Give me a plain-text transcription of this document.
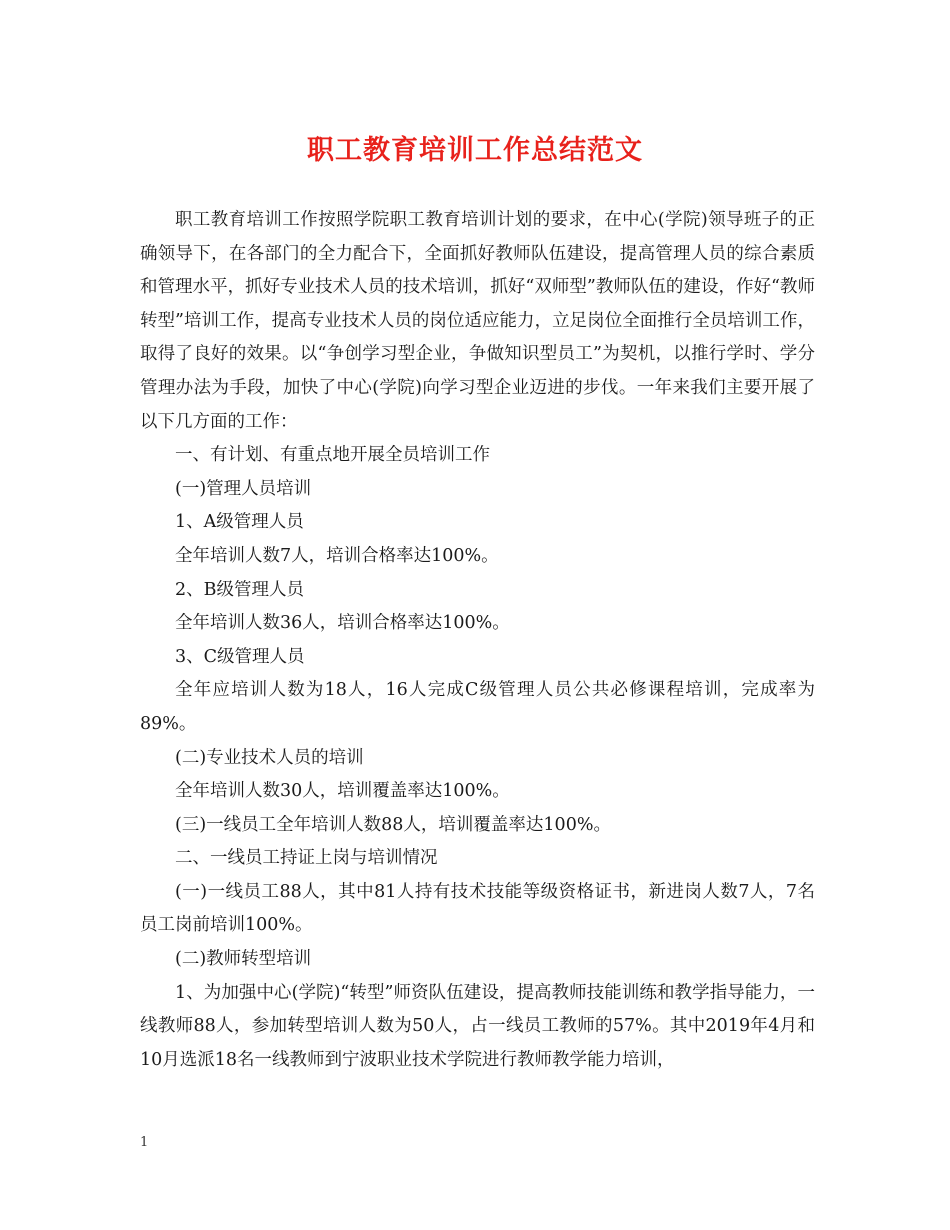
职工教育培训工作总结范文

职工教育培训工作按照学院职工教育培训计划的要求，在中心(学院)领导班子的正确领导下，在各部门的全力配合下，全面抓好教师队伍建设，提高管理人员的综合素质和管理水平，抓好专业技术人员的技术培训，抓好“双师型”教师队伍的建设，作好“教师转型”培训工作，提高专业技术人员的岗位适应能力，立足岗位全面推行全员培训工作，取得了良好的效果。以“争创学习型企业，争做知识型员工”为契机，以推行学时、学分管理办法为手段，加快了中心(学院)向学习型企业迈进的步伐。一年来我们主要开展了以下几方面的工作：

一、有计划、有重点地开展全员培训工作

(一)管理人员培训

1、A级管理人员

全年培训人数7人，培训合格率达100%。

2、B级管理人员

全年培训人数36人，培训合格率达100%。

3、C级管理人员

全年应培训人数为18人，16人完成C级管理人员公共必修课程培训，完成率为89%。

(二)专业技术人员的培训

全年培训人数30人，培训覆盖率达100%。

(三)一线员工全年培训人数88人，培训覆盖率达100%。

二、一线员工持证上岗与培训情况

(一)一线员工88人，其中81人持有技术技能等级资格证书，新进岗人数7人，7名员工岗前培训100%。

(二)教师转型培训

1、为加强中心(学院)“转型”师资队伍建设，提高教师技能训练和教学指导能力，一线教师88人，参加转型培训人数为50人，占一线员工教师的57%。其中2019年4月和10月选派18名一线教师到宁波职业技术学院进行教师教学能力培训，

1
